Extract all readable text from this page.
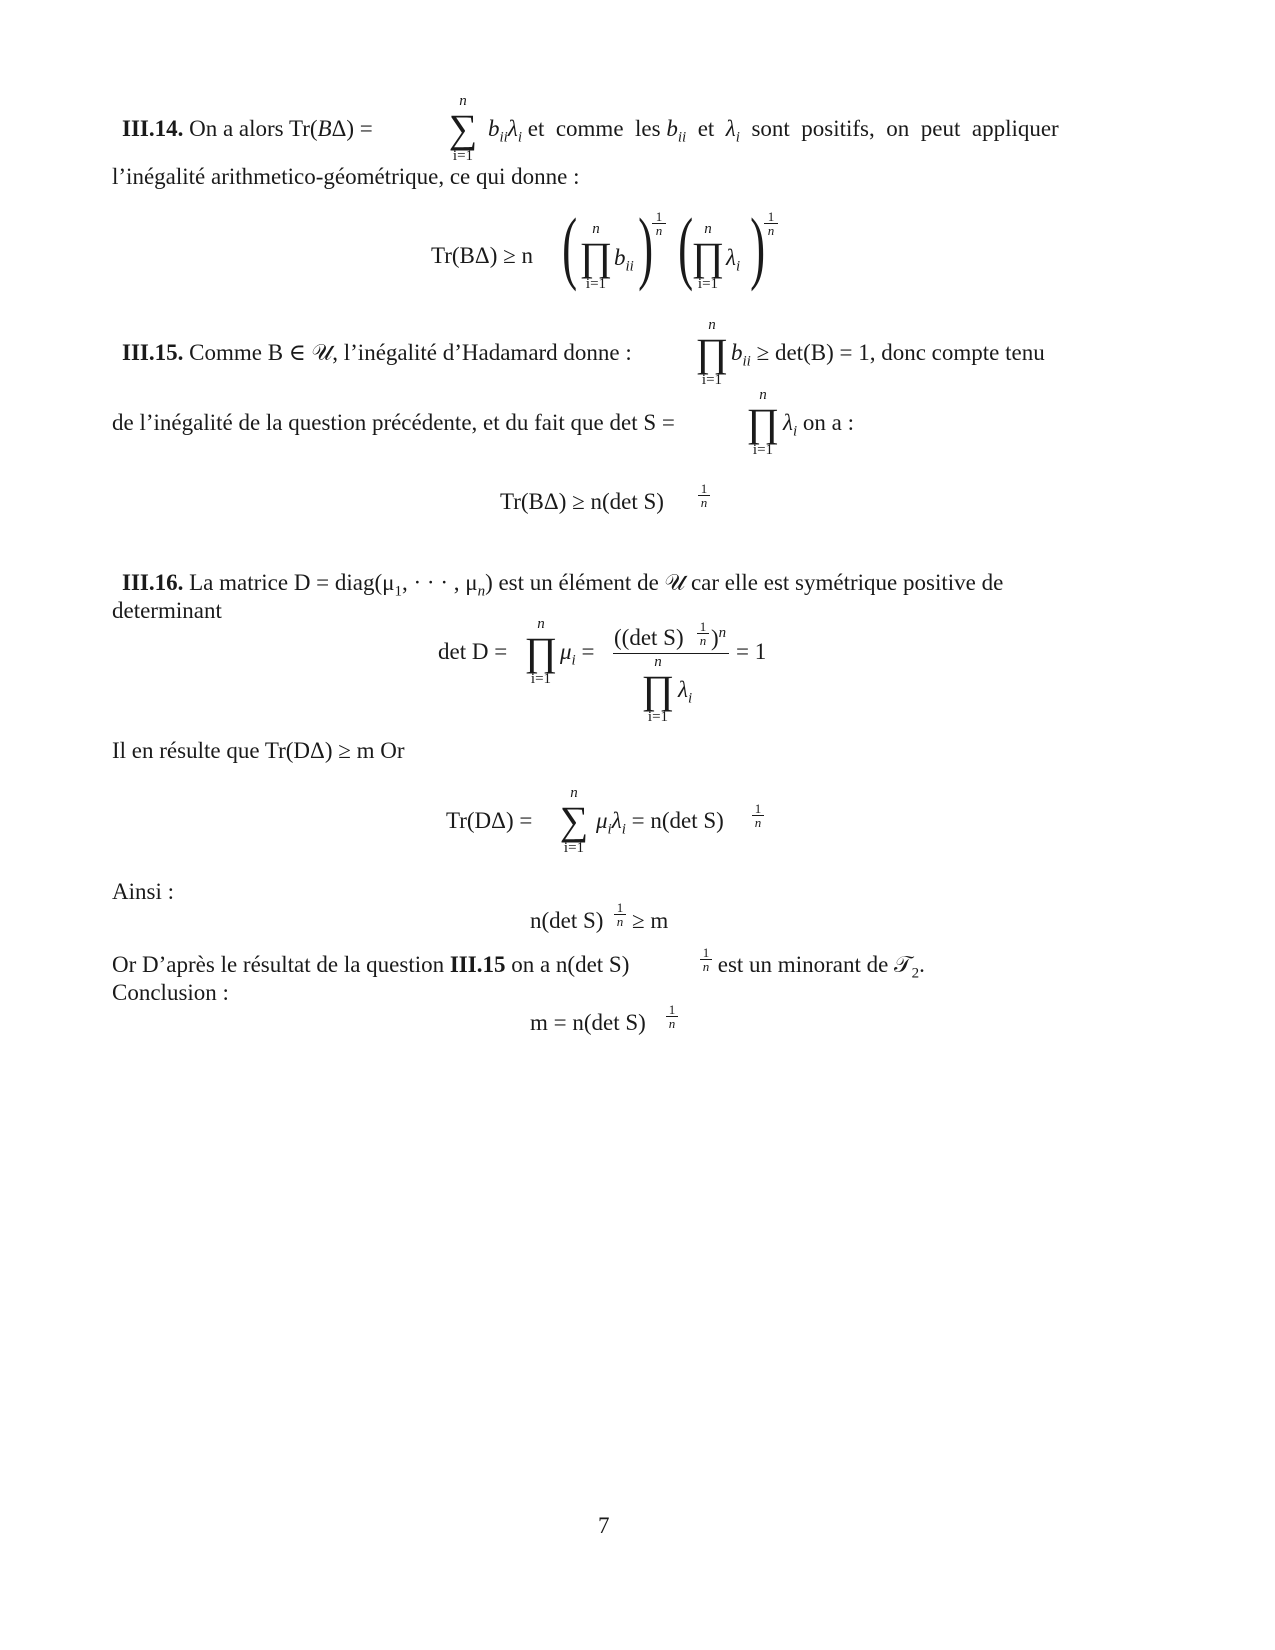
III.14. On a alors Tr(BΔ) =
n
∑
i=1
$b_{ii}\lambda_i$ et  comme  les $b_{ii}$  et  $\lambda_i$  sont  positifs,  on  peut  appliquer
l’inégalité arithmetico-géométrique, ce qui donne :
Tr(BΔ) ≥ n (	n
∏
i=1
$b_{ii}$ )
$\frac{1}{n}$ ( n
∏
i=1
$\lambda_i$ )
$\frac{1}{n}$
III.15. Comme B ∈ 𝒰, l’inégalité d’Hadamard donne :
n
∏
i=1
$b_{ii} \ge \det(B) = 1$, donc compte tenu
de l’inégalité de la question précédente, et du fait que det S =
n
∏
i=1
$\lambda_i$ on a :
Tr(BΔ) ≥ n(det S)	$\frac{1}{n}$
III.16. La matrice $D = diag(\mu_1$, · · · , $\mu_n$) est un élément de 𝒰 car elle est symétrique positive de
determinant
det D =
n
∏
i=1
$\mu_i$ =
((det $S) \frac{1}{n} )^n$
n
∏
i=1
$\lambda_i$
= 1
Il en résulte que Tr(DΔ) ≥ m Or
Tr(DΔ) =
n
∑
i=1
$\mu_i\lambda_i = n(\det$ $S) \frac{1}{n}$
Ainsi :
n(det $S) \frac{1}{n} \ge m$
Or D’après le résultat de la question III.15 on a n(det S)	$\frac{1}{n}$ est un minorant de 𝒯$_2$.
Conclusion :
m = n(det $S) \frac{1}{n}$
7
